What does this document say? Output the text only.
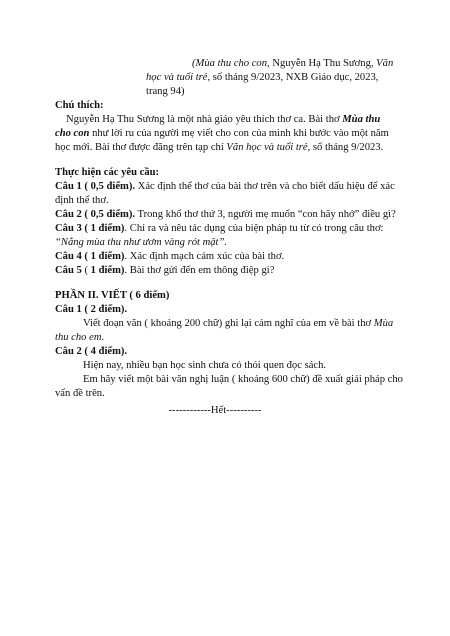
(Mùa thu cho con, Nguyễn Hạ Thu Sương, Văn
học và tuổi trẻ, số tháng 9/2023, NXB Giáo dục, 2023,
trang 94)
Chú thích:
Nguyễn Hạ Thu Sương là một nhà giáo yêu thích thơ ca. Bài thơ Mùa thu
cho con như lời ru của người mẹ viết cho con của mình khi bước vào một năm
học mới. Bài thơ được đăng trên tạp chí Văn học và tuổi trẻ, số tháng 9/2023.
Thực hiện các yêu cầu:
Câu 1 ( 0,5 điểm). Xác định thể thơ của bài thơ trên và cho biết dấu hiệu để xác
định thể thơ.
Câu 2 ( 0,5 điểm). Trong khổ thơ thứ 3, người mẹ muốn “con hãy nhớ” điều gì?
Câu 3 ( 1 điểm). Chỉ ra và nêu tác dụng của biện pháp tu từ có trong câu thơ:
“Nắng mùa thu như ươm vàng rót mật”.
Câu 4 ( 1 điểm). Xác định mạch cảm xúc của bài thơ.
Câu 5 ( 1 điểm). Bài thơ gửi đến em thông điệp gì?
PHẦN II. VIẾT ( 6 điểm)
Câu 1 ( 2 điểm).
Viết đoạn văn ( khoảng 200 chữ) ghi lại cảm nghĩ của em về bài thơ Mùa
thu cho em.
Câu 2 ( 4 điểm).
Hiện nay, nhiều bạn học sinh chưa có thói quen đọc sách.
Em hãy viết một bài văn nghị luận ( khoảng 600 chữ) đề xuất giải pháp cho
vấn đề trên.
------------Hết----------
